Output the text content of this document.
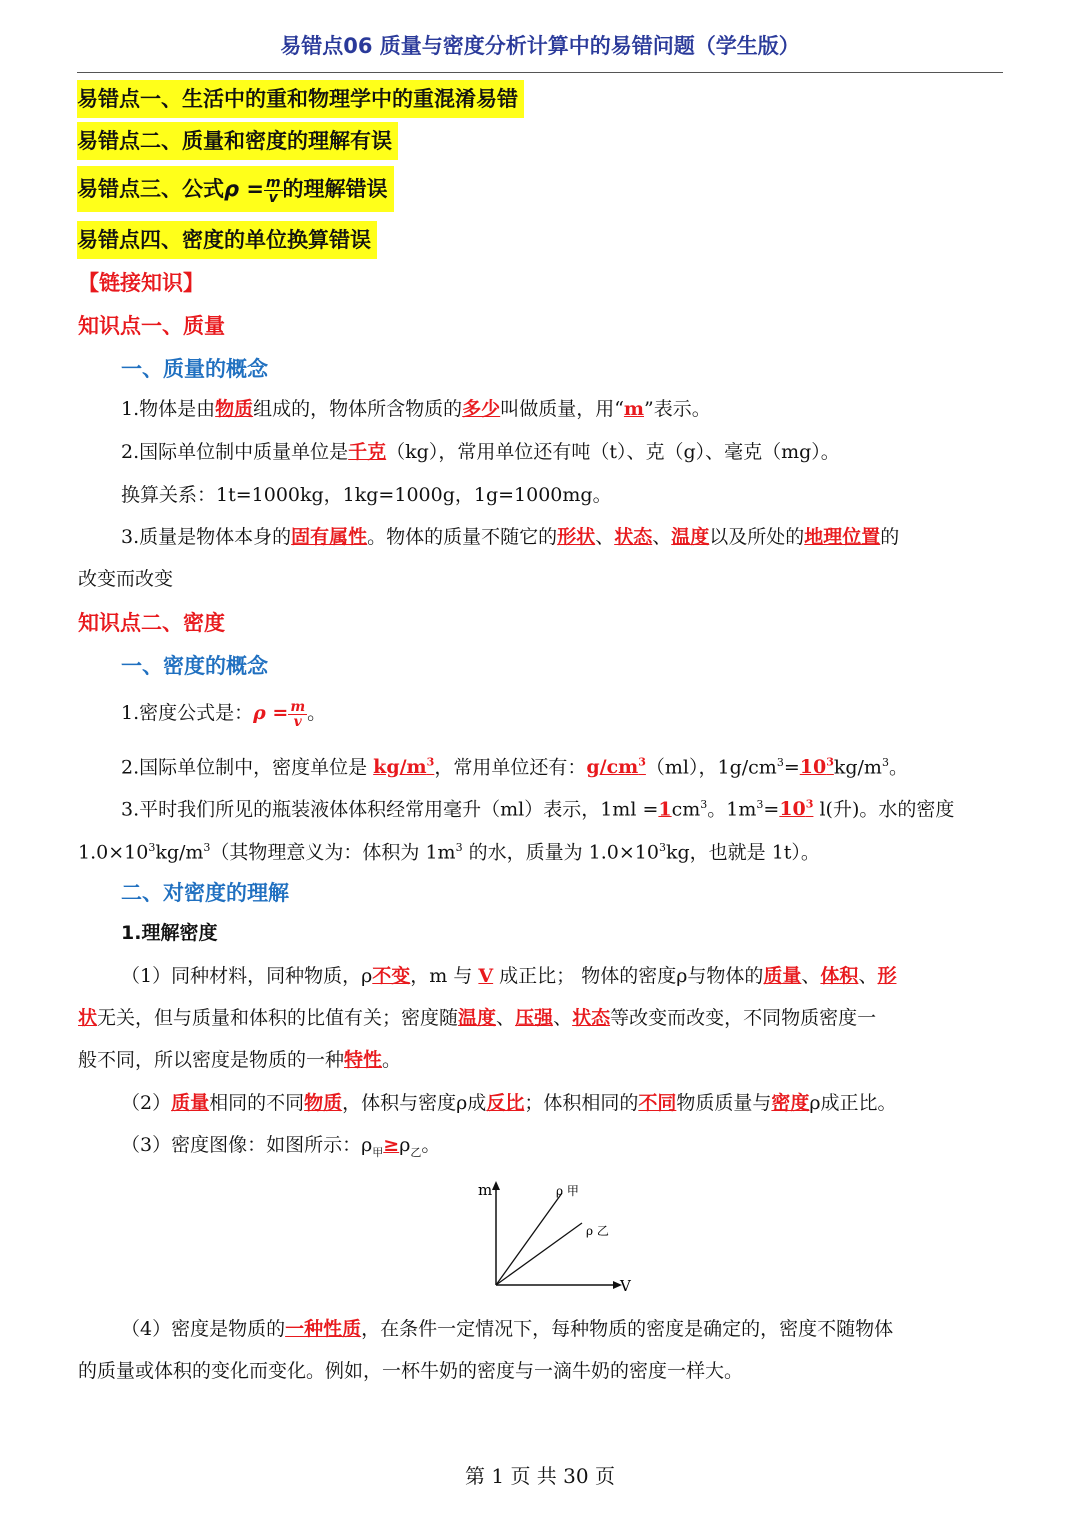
易错点06 质量与密度分析计算中的易错问题（学生版）
易错点一、生活中的重和物理学中的重混淆易错
易错点二、质量和密度的理解有误
易错点三、公式$\rho = \frac{m}{v}$ 的理解错误
易错点四、密度的单位换算错误
【链接知识】
知识点一、质量
一、质量的概念
1.物体是由物质组成的，物体所含物质的多少叫做质量，用“m”表示。
2.国际单位制中质量单位是千克（kg），常用单位还有吨（t）、克（g）、毫克（mg）。
换算关系：1t=1000kg，1kg=1000g，1g=1000mg。
3.质量是物体本身的固有属性。物体的质量不随它的形状、状态、温度以及所处的地理位置的
改变而改变
知识点二、密度
一、密度的概念
1.密度公式是：$\rho = \frac{m}{v}$ 。
2.国际单位制中，密度单位是 $kg/m^3$，常用单位还有：$g/cm^3(ml)$，$1g/cm^3=10^3kg/m^3$。
3.平时我们所见的瓶装液体体积经常用毫升（ml）表示，$1ml =1cm^3$。$1m^3=10^3$ l(升)。水的密度
$1.0\times 10^3kg/m^3$（其物理意义为：体积为 $1m^3$ 的水，质量为 $1.0\times 10^3kg$，也就是 1t）。
二、对密度的理解
1.理解密度
（1）同种材料，同种物质，ρ不变，m 与 V 成正比； 物体的密度ρ与物体的质量、体积、形
状无关，但与质量和体积的比值有关；密度随温度、压强、状态等改变而改变，不同物质密度一
般不同，所以密度是物质的一种特性。
（2）质量相同的不同物质，体积与密度ρ成反比；体积相同的不同物质质量与密度ρ成正比。
（3）密度图像：如图所示：$\rho_甲\ge\rho_乙$。
m
V
ρ 甲
ρ 乙
（4）密度是物质的一种性质，在条件一定情况下，每种物质的密度是确定的，密度不随物体
的质量或体积的变化而变化。例如，一杯牛奶的密度与一滴牛奶的密度一样大。
第 1 页 共 30 页
